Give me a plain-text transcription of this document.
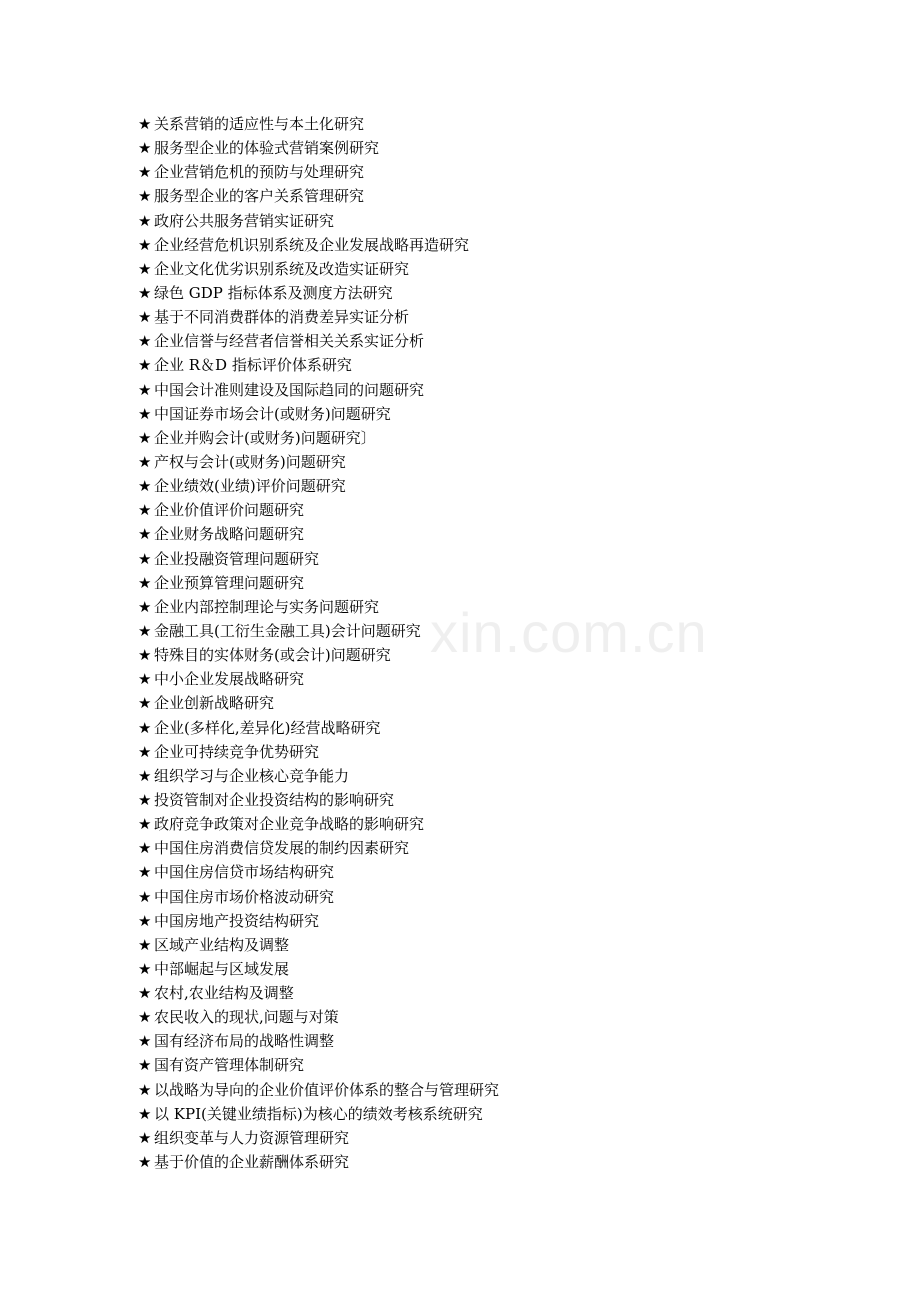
★ 关系营销的适应性与本土化研究
★ 服务型企业的体验式营销案例研究
★ 企业营销危机的预防与处理研究
★ 服务型企业的客户关系管理研究
★ 政府公共服务营销实证研究
★ 企业经营危机识别系统及企业发展战略再造研究
★ 企业文化优劣识别系统及改造实证研究
★ 绿色 GDP 指标体系及测度方法研究
★ 基于不同消费群体的消费差异实证分析
★ 企业信誉与经营者信誉相关关系实证分析
★ 企业 R＆D 指标评价体系研究
★ 中国会计准则建设及国际趋同的问题研究
★ 中国证券市场会计(或财务)问题研究
★ 企业并购会计(或财务)问题研究〕
★ 产权与会计(或财务)问题研究
★ 企业绩效(业绩)评价问题研究
★ 企业价值评价问题研究
★ 企业财务战略问题研究
★ 企业投融资管理问题研究
★ 企业预算管理问题研究
★ 企业内部控制理论与实务问题研究
★ 金融工具(工衍生金融工具)会计问题研究
★ 特殊目的实体财务(或会计)问题研究
★ 中小企业发展战略研究
★ 企业创新战略研究
★ 企业(多样化,差异化)经营战略研究
★ 企业可持续竞争优势研究
★ 组织学习与企业核心竞争能力
★ 投资管制对企业投资结构的影响研究
★ 政府竞争政策对企业竞争战略的影响研究
★ 中国住房消费信贷发展的制约因素研究
★ 中国住房信贷市场结构研究
★ 中国住房市场价格波动研究
★ 中国房地产投资结构研究
★ 区域产业结构及调整
★ 中部崛起与区域发展
★ 农村,农业结构及调整
★ 农民收入的现状,问题与对策
★ 国有经济布局的战略性调整
★ 国有资产管理体制研究
★ 以战略为导向的企业价值评价体系的整合与管理研究
★ 以 KPI(关键业绩指标)为核心的绩效考核系统研究
★ 组织变革与人力资源管理研究
★ 基于价值的企业薪酬体系研究
xin.com.cn
